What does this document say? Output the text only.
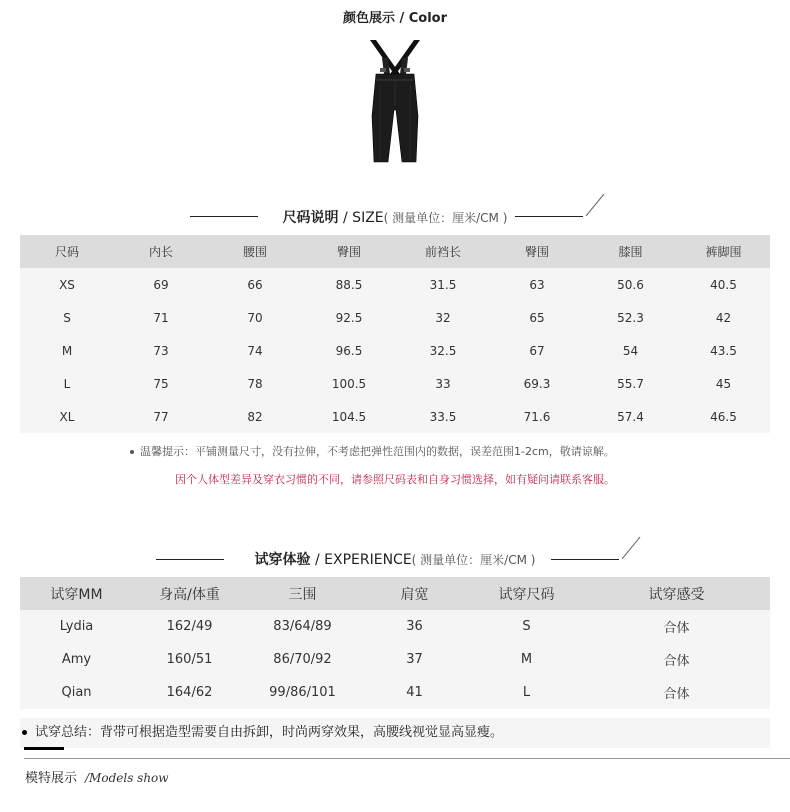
颜色展示 / Color
尺码说明 / SIZE( 测量单位：厘米/CM )
尺码	内长	腰围	臀围	前裆长	臀围	膝围	裤脚围
XS	69	66	88.5	31.5	63	50.6	40.5
S	71	70	92.5	32	65	52.3	42
M	73	74	96.5	32.5	67	54	43.5
L	75	78	100.5	33	69.3	55.7	45
XL	77	82	104.5	33.5	71.6	57.4	46.5
温馨提示：平铺测量尺寸，没有拉伸，不考虑把弹性范围内的数据，误差范围1-2cm，敬请谅解。
因个人体型差异及穿衣习惯的不同，请参照尺码表和自身习惯选择，如有疑问请联系客服。
试穿体验 / EXPERIENCE( 测量单位：厘米/CM )
试穿MM	身高/体重	三围	肩宽	试穿尺码	试穿感受
Lydia	162/49	83/64/89	36	S	合体
Amy	160/51	86/70/92	37	M	合体
Qian	164/62	99/86/101	41	L	合体
试穿总结：背带可根据造型需要自由拆卸，时尚两穿效果，高腰线视觉显高显瘦。
模特展示 /Models show
